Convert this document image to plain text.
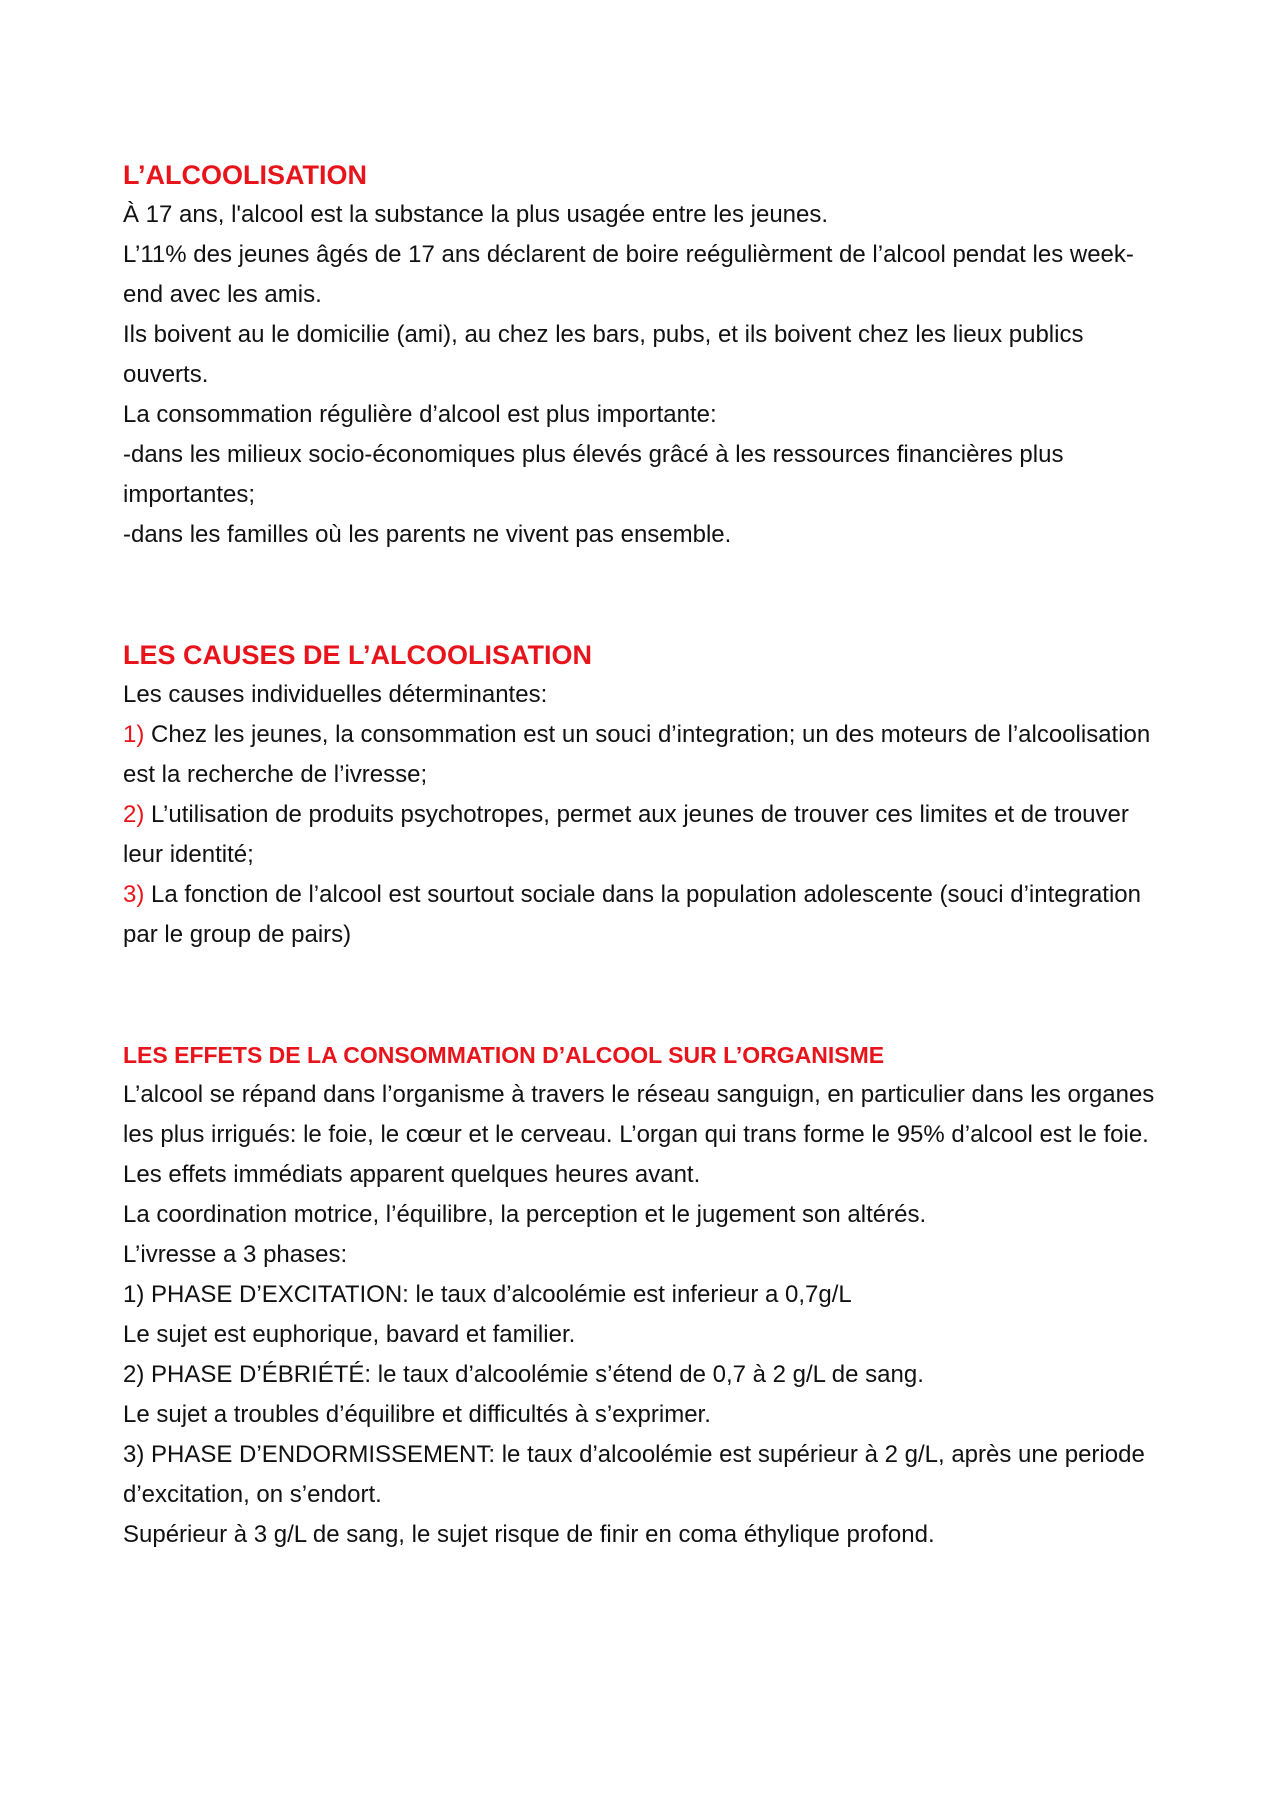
L’ALCOOLISATION

À 17 ans, l'alcool est la substance la plus usagée entre les jeunes.

L’11% des jeunes âgés de 17 ans déclarent de boire reégulièrment de l’alcool pendat les week-end avec les amis.

Ils boivent au le domicilie (ami), au chez les bars, pubs, et ils boivent chez les lieux publics ouverts.

La consommation régulière d’alcool est plus importante:

-dans les milieux socio-économiques plus élevés grâcé à les ressources financières plus importantes;

-dans les familles où les parents ne vivent pas ensemble.

LES CAUSES DE L’ALCOOLISATION

Les causes individuelles déterminantes:

1) Chez les jeunes, la consommation est un souci d’integration; un des moteurs de l’alcoolisation est la recherche de l’ivresse;

2) L’utilisation de produits psychotropes, permet aux jeunes de trouver ces limites et de trouver leur identité;

3) La fonction de l’alcool est sourtout sociale dans la population adolescente (souci d’integration par le group de pairs)

LES EFFETS DE LA CONSOMMATION D’ALCOOL SUR L’ORGANISME

L’alcool se répand dans l’organisme à travers le réseau sanguign, en particulier dans les organes les plus irrigués: le foie, le cœur et le cerveau. L’organ qui trans forme le 95% d’alcool est le foie.

Les effets immédiats apparent quelques heures avant.

La coordination motrice, l’équilibre, la perception et le jugement son altérés.

L’ivresse a 3 phases:

1) PHASE D’EXCITATION: le taux d’alcoolémie est inferieur a 0,7g/L

Le sujet est euphorique, bavard et familier.

2) PHASE D’ÉBRIÉTÉ: le taux d’alcoolémie s’étend de 0,7 à 2 g/L de sang.

Le sujet a troubles d’équilibre et difficultés à s’exprimer.

3) PHASE D’ENDORMISSEMENT: le taux d’alcoolémie est supérieur à 2 g/L, après une periode d’excitation, on s’endort.

Supérieur à 3 g/L de sang, le sujet risque de finir en coma éthylique profond.
